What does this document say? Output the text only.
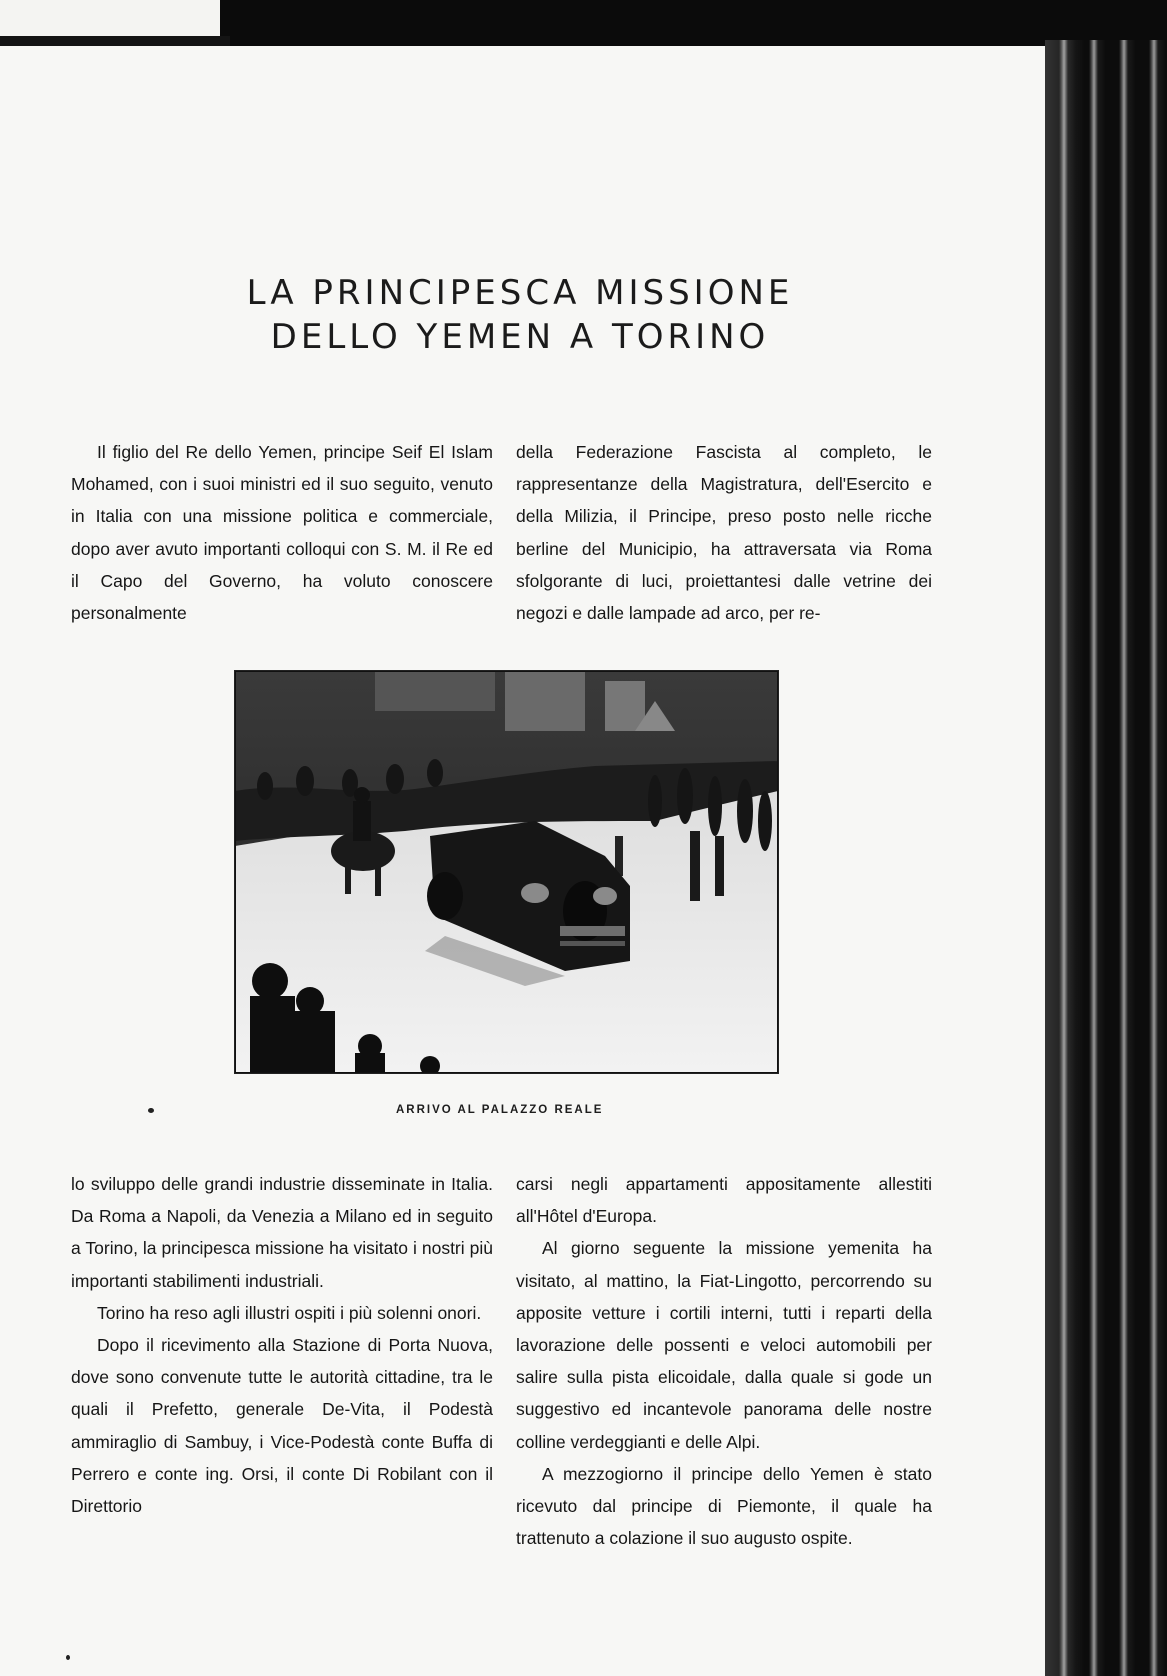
LA PRINCIPESCA MISSIONE
DELLO YEMEN A TORINO

Il figlio del Re dello Yemen, principe Seif El Islam Mohamed, con i suoi ministri ed il suo seguito, venuto in Italia con una missione politica e commerciale, dopo aver avuto importanti colloqui con S. M. il Re ed il Capo del Governo, ha voluto conoscere personalmente

della Federazione Fascista al completo, le rappresentanze della Magistratura, dell'Esercito e della Milizia, il Principe, preso posto nelle ricche berline del Municipio, ha attraversata via Roma sfolgorante di luci, proiettantesi dalle vetrine dei negozi e dalle lampade ad arco, per re-

ARRIVO AL PALAZZO REALE

lo sviluppo delle grandi industrie disseminate in Italia. Da Roma a Napoli, da Venezia a Milano ed in seguito a Torino, la principesca missione ha visitato i nostri più importanti stabilimenti industriali.

Torino ha reso agli illustri ospiti i più solenni onori.

Dopo il ricevimento alla Stazione di Porta Nuova, dove sono convenute tutte le autorità cittadine, tra le quali il Prefetto, generale De-Vita, il Podestà ammiraglio di Sambuy, i Vice-Podestà conte Buffa di Perrero e conte ing. Orsi, il conte Di Robilant con il Direttorio

carsi negli appartamenti appositamente allestiti all'Hôtel d'Europa.

Al giorno seguente la missione yemenita ha visitato, al mattino, la Fiat-Lingotto, percorrendo su apposite vetture i cortili interni, tutti i reparti della lavorazione delle possenti e veloci automobili per salire sulla pista elicoidale, dalla quale si gode un suggestivo ed incantevole panorama delle nostre colline verdeggianti e delle Alpi.

A mezzogiorno il principe dello Yemen è stato ricevuto dal principe di Piemonte, il quale ha trattenuto a colazione il suo augusto ospite.
